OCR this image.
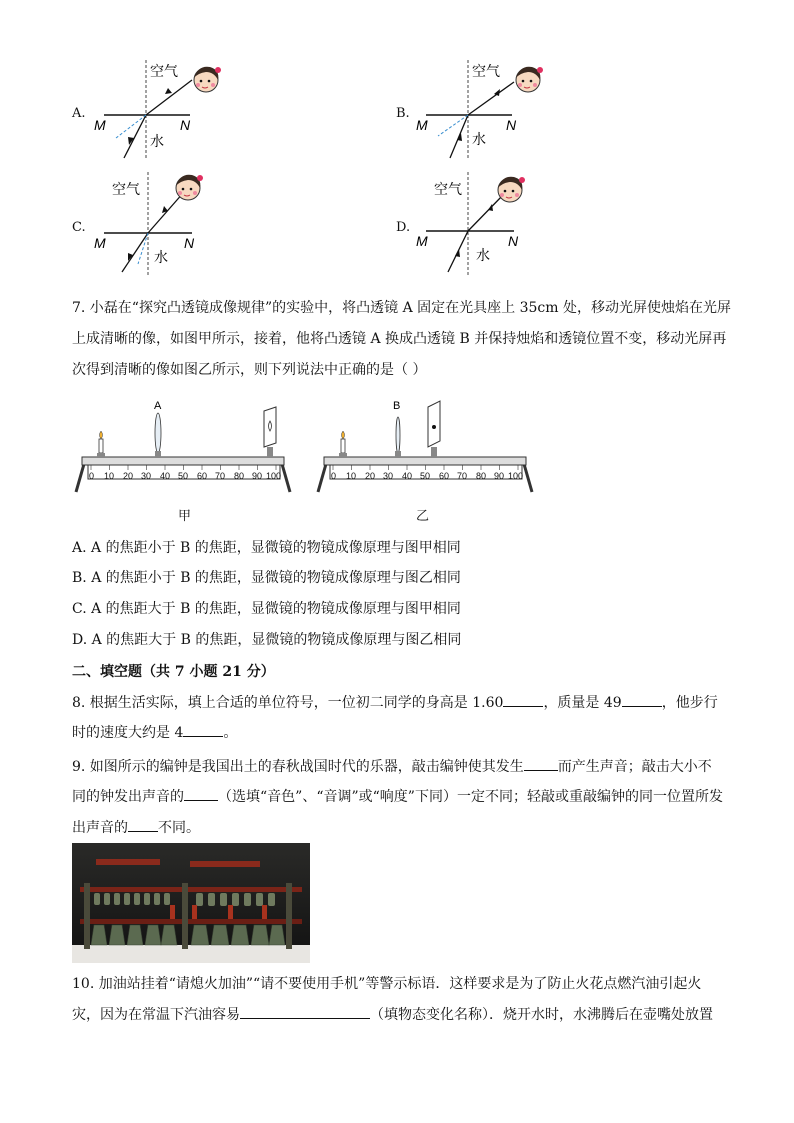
A.
空气
M	N
水
B.
空气
M	N
水
C.
空气
M	N
水
D.
空气
M	N
水
7. 小磊在“探究凸透镜成像规律”的实验中，将凸透镜 A 固定在光具座上 35cm 处，移动光屏使烛焰在光屏
上成清晰的像，如图甲所示，接着，他将凸透镜 A 换成凸透镜 B 并保持烛焰和透镜位置不变，移动光屏再
次得到清晰的像如图乙所示，则下列说法中正确的是（ ）
0 10 20 30 40 50 60 70 80 90 100
A
甲
0 10 20 30 40 50 60 70 80 90 100
B
乙
A. A 的焦距小于 B 的焦距，显微镜的物镜成像原理与图甲相同
B. A 的焦距小于 B 的焦距，显微镜的物镜成像原理与图乙相同
C. A 的焦距大于 B 的焦距，显微镜的物镜成像原理与图甲相同
D. A 的焦距大于 B 的焦距，显微镜的物镜成像原理与图乙相同
二、填空题（共 7 小题 21 分）
8. 根据生活实际，填上合适的单位符号，一位初二同学的身高是 1.60	，质量是 49	，他步行
时的速度大约是 4	。
9. 如图所示的编钟是我国出土的春秋战国时代的乐器，敲击编钟使其发生 而产生声音；敲击大小不
同的钟发出声音的 （选填“音色”、“音调”或“响度”下同）一定不同；轻敲或重敲编钟的同一位置所发
出声音的 不同。
10. 加油站挂着“请熄火加油”“请不要使用手机”等警示标语．这样要求是为了防止火花点燃汽油引起火
灾，因为在常温下汽油容易	（填物态变化名称）．烧开水时，水沸腾后在壶嘴处放置
